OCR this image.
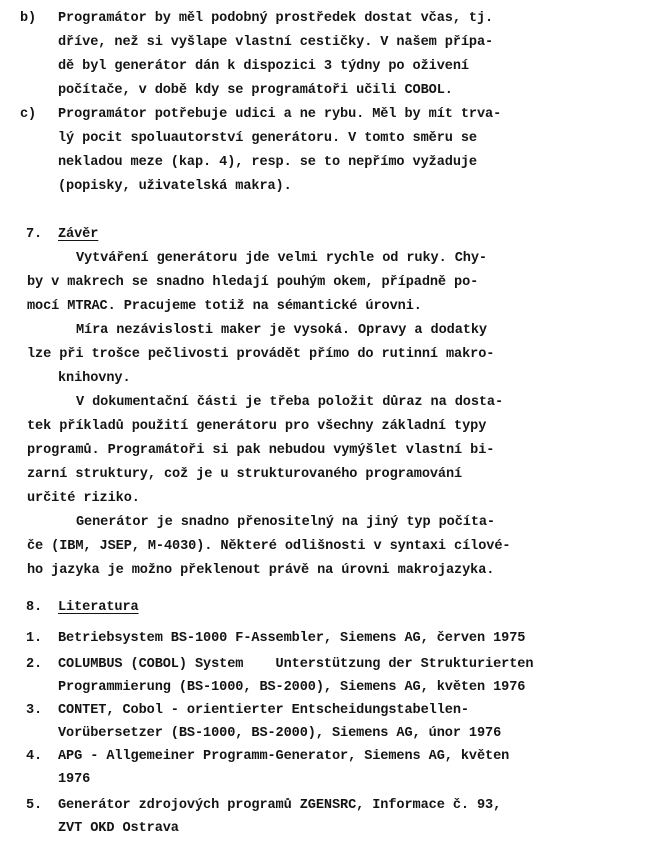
b) Programátor by měl podobný prostředek dostat včas, tj.
dříve, než si vyšlape vlastní cestičky. V našem přípa-
dě byl generátor dán k dispozici 3 týdny po oživení
počítače, v době kdy se programátoři učili COBOL.
c) Programátor potřebuje udici a ne rybu. Měl by mít trva-
lý pocit spoluautorství generátoru. V tomto směru se
nekladou meze (kap. 4), resp. se to nepřímo vyžaduje
(popisky, uživatelská makra).
7. Závěr
Vytváření generátoru jde velmi rychle od ruky. Chy-
by v makrech se snadno hledají pouhým okem, případně po-
mocí MTRAC. Pracujeme totiž na sémantické úrovni.
Míra nezávislosti maker je vysoká. Opravy a dodatky
lze při trošce pečlivosti provádět přímo do rutinní makro-
knihovny.
V dokumentační části je třeba položit důraz na dosta-
tek příkladů použití generátoru pro všechny základní typy
programů. Programátoři si pak nebudou vymýšlet vlastní bi-
zarní struktury, což je u strukturovaného programování
určité riziko.
Generátor je snadno přenositelný na jiný typ počíta-
če (IBM, JSEP, M-4030). Některé odlišnosti v syntaxi cílové-
ho jazyka je možno překlenout právě na úrovni makrojazyka.
8. Literatura
1. Betriebsystem BS-1000 F-Assembler, Siemens AG, červen 1975
2. COLUMBUS (COBOL) System    Unterstützung der Strukturierten
Programmierung (BS-1000, BS-2000), Siemens AG, květen 1976
3. CONTET, Cobol - orientierter Entscheidungstabellen-
Vorübersetzer (BS-1000, BS-2000), Siemens AG, únor 1976
4. APG - Allgemeiner Programm-Generator, Siemens AG, květen
1976
5. Generátor zdrojových programů ZGENSRC, Informace č. 93,
ZVT OKD Ostrava
